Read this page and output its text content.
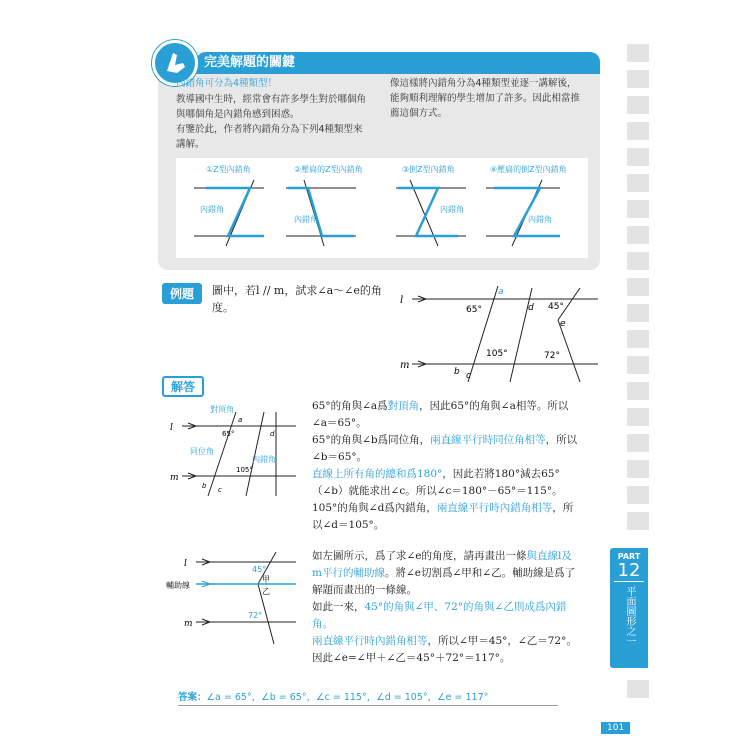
PART
12
平面圖形之一
完美解題的關鍵
內錯角可分為4種類型！
教導國中生時，經常會有許多學生對於哪個角
與哪個角是內錯角感到困惑。
有鑒於此，作者將內錯角分為下列4種類型來
講解。
像這樣將內錯角分為4種類型並逐一講解後，
能夠順利理解的學生增加了許多。因此相當推
薦這個方式。
①Z型內錯角	②壓扁的Z型內錯角	③倒Z型內錯角	④壓扁的倒Z型內錯角
內錯角
內錯角
內錯角
內錯角
例題	圖中，若l // m，試求∠a～∠e的角
度。
l
m
65°
a
d 45°
e
105°	72°
b c
解答
l
m
對頂角
同位角
內錯角
65°
a
d
105°
b c
65°的角與∠a爲對頂角，因此65°的角與∠a相等。所以
∠a＝65°。
65°的角與∠b爲同位角，兩直線平行時同位角相等，所以
∠b＝65°。
直線上所有角的總和爲180°，因此若將180°減去65°
（∠b）就能求出∠c。所以∠c＝180°－65°＝115°。
105°的角與∠d爲內錯角，兩直線平行時內錯角相等，所
以∠d＝105°。
l
m
輔助線
45°
甲
乙
72°
如左圖所示，爲了求∠e的角度，請再畫出一條與直線l及
m平行的輔助線。將∠e切割爲∠甲和∠乙。輔助線是爲了
解題而畫出的一條線。
如此一來，45°的角與∠甲、72°的角與∠乙則成爲內錯
角。
兩直線平行時內錯角相等，所以∠甲＝45°，∠乙＝72°。
因此∠e=∠甲＋∠乙＝45°＋72°＝117°。
答案：∠a = 65°，∠b = 65°，∠c = 115°，∠d = 105°，∠e = 117°
101
